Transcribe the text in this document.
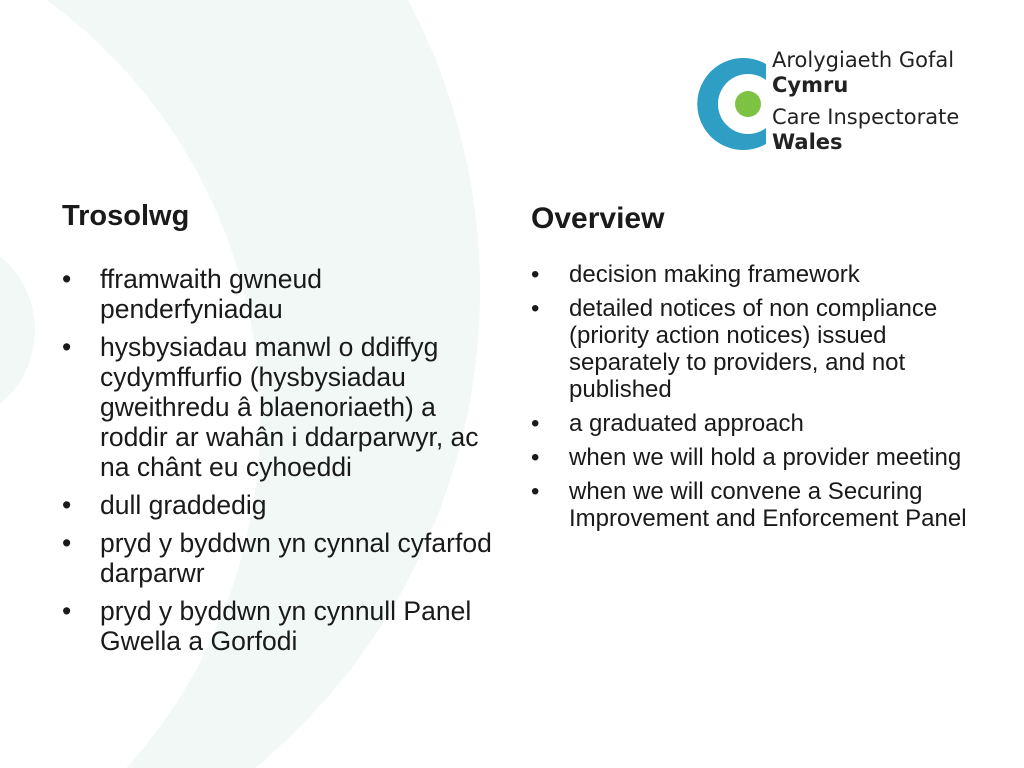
Arolygiaeth Gofal
Cymru
Care Inspectorate
Wales
Trosolwg
• fframwaith gwneud penderfyniadau
• hysbysiadau manwl o ddiffyg cydymffurfio (hysbysiadau gweithredu â blaenoriaeth) a roddir ar wahân i ddarparwyr, ac na chânt eu cyhoeddi
• dull graddedig
• pryd y byddwn yn cynnal cyfarfod darparwr
• pryd y byddwn yn cynnull Panel Gwella a Gorfodi
Overview
• decision making framework
• detailed notices of non compliance (priority action notices) issued separately to providers, and not published
• a graduated approach
• when we will hold a provider meeting
• when we will convene a Securing Improvement and Enforcement Panel
